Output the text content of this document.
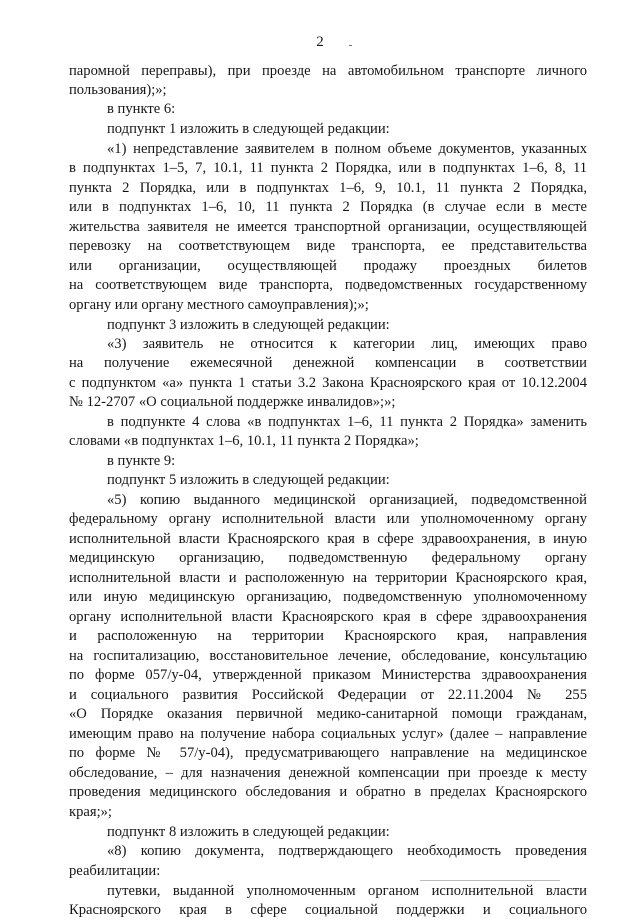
2
паромной переправы), при проезде на автомобильном транспорте личного
пользования);»;
в пункте 6:
подпункт 1 изложить в следующей редакции:
«1) непредставление заявителем в полном объеме документов, указанных
в подпунктах 1–5, 7, 10.1, 11 пункта 2 Порядка, или в подпунктах 1–6, 8, 11
пункта 2 Порядка, или в подпунктах 1–6, 9, 10.1, 11 пункта 2 Порядка,
или в подпунктах 1–6, 10, 11 пункта 2 Порядка (в случае если в месте
жительства заявителя не имеется транспортной организации, осуществляющей
перевозку на соответствующем виде транспорта, ее представительства
или организации, осуществляющей продажу проездных билетов
на соответствующем виде транспорта, подведомственных государственному
органу или органу местного самоуправления);»;
подпункт 3 изложить в следующей редакции:
«3) заявитель не относится к категории лиц, имеющих право
на получение ежемесячной денежной компенсации в соответствии
с подпунктом «а» пункта 1 статьи 3.2 Закона Красноярского края от 10.12.2004
№ 12-2707 «О социальной поддержке инвалидов»;»;
в подпункте 4 слова «в подпунктах 1–6, 11 пункта 2 Порядка» заменить
словами «в подпунктах 1–6, 10.1, 11 пункта 2 Порядка»;
в пункте 9:
подпункт 5 изложить в следующей редакции:
«5) копию выданного медицинской организацией, подведомственной
федеральному органу исполнительной власти или уполномоченному органу
исполнительной власти Красноярского края в сфере здравоохранения, в иную
медицинскую организацию, подведомственную федеральному органу
исполнительной власти и расположенную на территории Красноярского края,
или иную медицинскую организацию, подведомственную уполномоченному
органу исполнительной власти Красноярского края в сфере здравоохранения
и расположенную на территории Красноярского края, направления
на госпитализацию, восстановительное лечение, обследование, консультацию
по форме 057/у-04, утвержденной приказом Министерства здравоохранения
и социального развития Российской Федерации от 22.11.2004 № 255
«О Порядке оказания первичной медико-санитарной помощи гражданам,
имеющим право на получение набора социальных услуг» (далее – направление
по форме № 57/у-04), предусматривающего направление на медицинское
обследование, – для назначения денежной компенсации при проезде к месту
проведения медицинского обследования и обратно в пределах Красноярского
края;»;
подпункт 8 изложить в следующей редакции:
«8) копию документа, подтверждающего необходимость проведения
реабилитации:
путевки, выданной уполномоченным органом исполнительной власти
Красноярского края в сфере социальной поддержки и социального
